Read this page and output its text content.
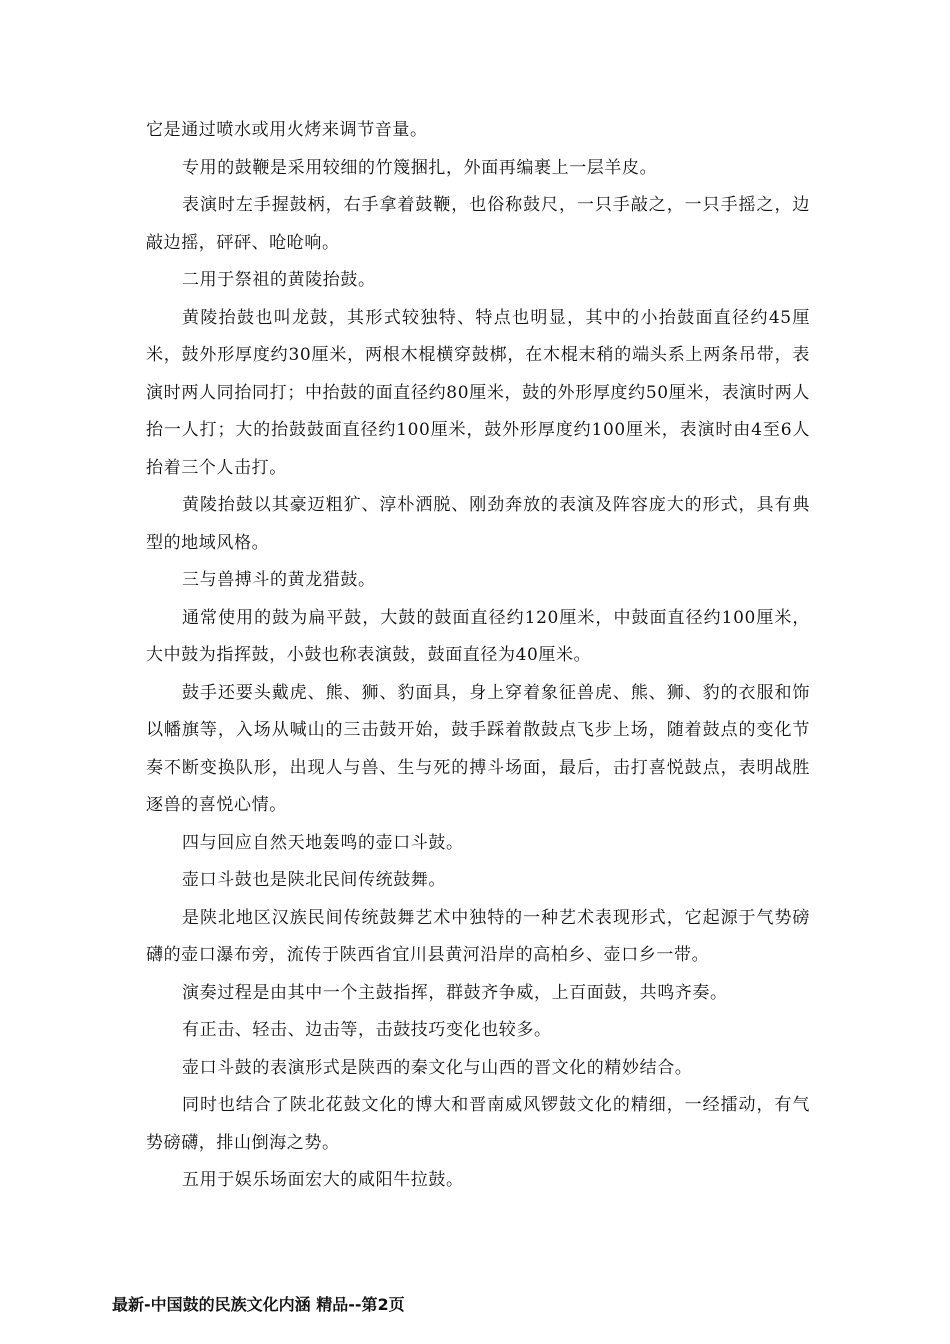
它是通过喷水或用火烤来调节音量。

专用的鼓鞭是采用较细的竹篾捆扎，外面再编裹上一层羊皮。

表演时左手握鼓柄，右手拿着鼓鞭，也俗称鼓尺，一只手敲之，一只手摇之，边敲边摇，砰砰、呛呛响。

二用于祭祖的黄陵抬鼓。

黄陵抬鼓也叫龙鼓，其形式较独特、特点也明显，其中的小抬鼓面直径约45厘米，鼓外形厚度约30厘米，两根木棍横穿鼓梆，在木棍末稍的端头系上两条吊带，表演时两人同抬同打；中抬鼓的面直径约80厘米，鼓的外形厚度约50厘米，表演时两人抬一人打；大的抬鼓鼓面直径约100厘米，鼓外形厚度约100厘米，表演时由4至6人抬着三个人击打。

黄陵抬鼓以其豪迈粗犷、淳朴洒脱、刚劲奔放的表演及阵容庞大的形式，具有典型的地域风格。

三与兽搏斗的黄龙猎鼓。

通常使用的鼓为扁平鼓，大鼓的鼓面直径约120厘米，中鼓面直径约100厘米，大中鼓为指挥鼓，小鼓也称表演鼓，鼓面直径为40厘米。

鼓手还要头戴虎、熊、狮、豹面具，身上穿着象征兽虎、熊、狮、豹的衣服和饰以幡旗等，入场从喊山的三击鼓开始，鼓手踩着散鼓点飞步上场，随着鼓点的变化节奏不断变换队形，出现人与兽、生与死的搏斗场面，最后，击打喜悦鼓点，表明战胜逐兽的喜悦心情。

四与回应自然天地轰鸣的壶口斗鼓。

壶口斗鼓也是陕北民间传统鼓舞。

是陕北地区汉族民间传统鼓舞艺术中独特的一种艺术表现形式，它起源于气势磅礴的壶口瀑布旁，流传于陕西省宜川县黄河沿岸的高柏乡、壶口乡一带。

演奏过程是由其中一个主鼓指挥，群鼓齐争威，上百面鼓，共鸣齐奏。

有正击、轻击、边击等，击鼓技巧变化也较多。

壶口斗鼓的表演形式是陕西的秦文化与山西的晋文化的精妙结合。

同时也结合了陕北花鼓文化的博大和晋南威风锣鼓文化的精细，一经擂动，有气势磅礴，排山倒海之势。

五用于娱乐场面宏大的咸阳牛拉鼓。

最新-中国鼓的民族文化内涵 精品--第2页
